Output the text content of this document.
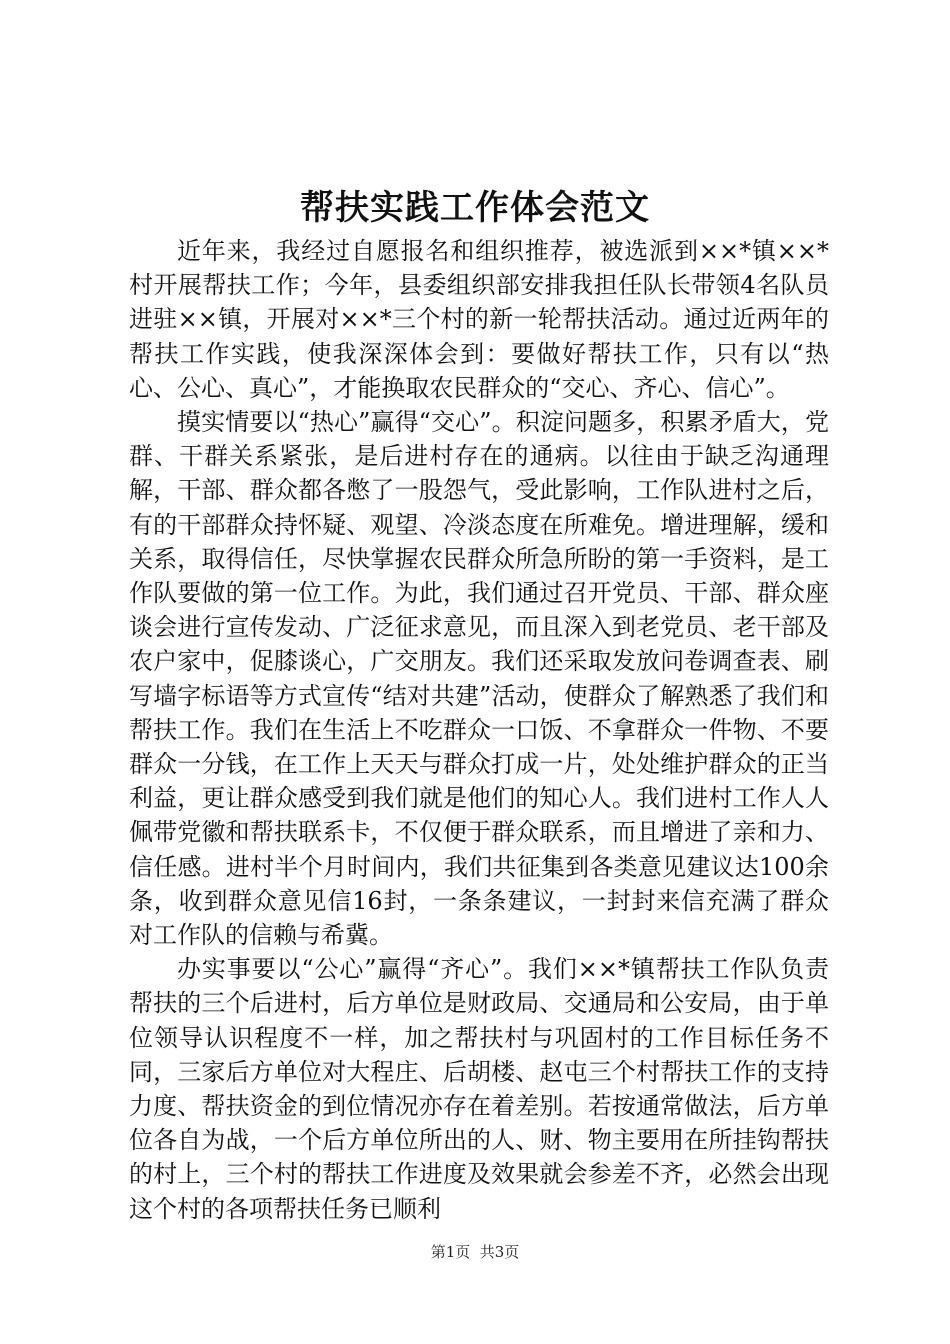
帮扶实践工作体会范文

近年来，我经过自愿报名和组织推荐，被选派到××*镇××*村开展帮扶工作；今年，县委组织部安排我担任队长带领4名队员进驻××镇，开展对××*三个村的新一轮帮扶活动。通过近两年的帮扶工作实践，使我深深体会到：要做好帮扶工作，只有以“热心、公心、真心”，才能换取农民群众的“交心、齐心、信心”。

摸实情要以“热心”赢得“交心”。积淀问题多，积累矛盾大，党群、干群关系紧张，是后进村存在的通病。以往由于缺乏沟通理解，干部、群众都各憋了一股怨气，受此影响，工作队进村之后，有的干部群众持怀疑、观望、冷淡态度在所难免。增进理解，缓和关系，取得信任，尽快掌握农民群众所急所盼的第一手资料，是工作队要做的第一位工作。为此，我们通过召开党员、干部、群众座谈会进行宣传发动、广泛征求意见，而且深入到老党员、老干部及农户家中，促膝谈心，广交朋友。我们还采取发放问卷调查表、刷写墙字标语等方式宣传“结对共建”活动，使群众了解熟悉了我们和帮扶工作。我们在生活上不吃群众一口饭、不拿群众一件物、不要群众一分钱，在工作上天天与群众打成一片，处处维护群众的正当利益，更让群众感受到我们就是他们的知心人。我们进村工作人人佩带党徽和帮扶联系卡，不仅便于群众联系，而且增进了亲和力、信任感。进村半个月时间内，我们共征集到各类意见建议达100余条，收到群众意见信16封，一条条建议，一封封来信充满了群众对工作队的信赖与希冀。

办实事要以“公心”赢得“齐心”。我们××*镇帮扶工作队负责帮扶的三个后进村，后方单位是财政局、交通局和公安局，由于单位领导认识程度不一样，加之帮扶村与巩固村的工作目标任务不同，三家后方单位对大程庄、后胡楼、赵屯三个村帮扶工作的支持力度、帮扶资金的到位情况亦存在着差别。若按通常做法，后方单位各自为战，一个后方单位所出的人、财、物主要用在所挂钩帮扶的村上，三个村的帮扶工作进度及效果就会参差不齐，必然会出现这个村的各项帮扶任务已顺利

第1页  共3页
